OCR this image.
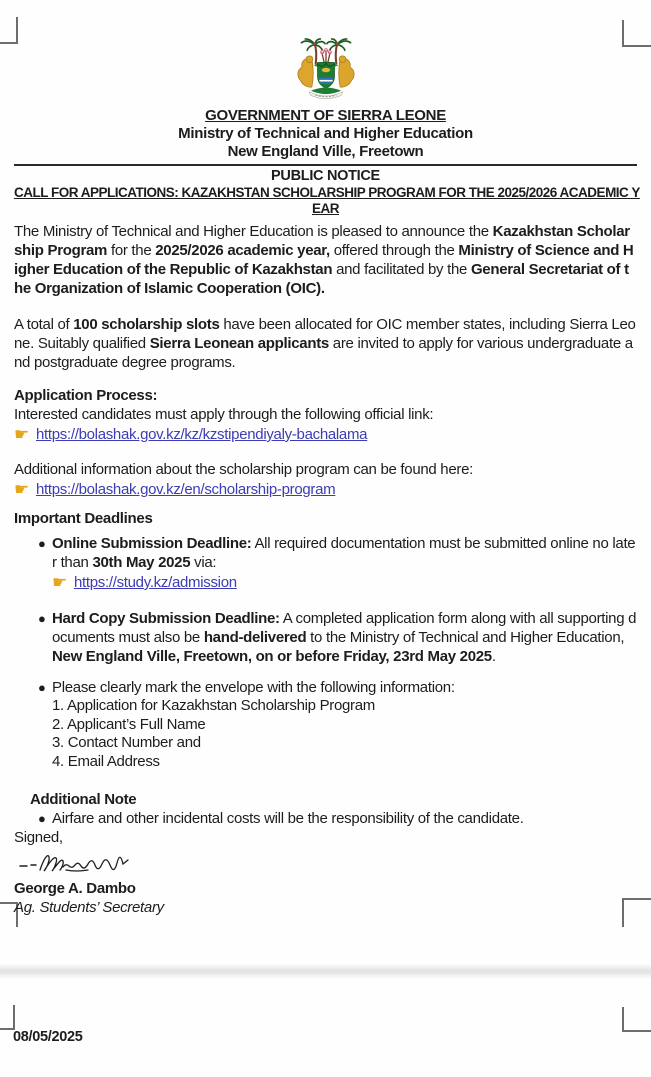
08/05/2025
GOVERNMENT OF SIERRA LEONE
Ministry of Technical and Higher Education
New England Ville, Freetown
PUBLIC NOTICE
CALL FOR APPLICATIONS: KAZAKHSTAN SCHOLARSHIP PROGRAM FOR THE 2025/2026 ACADEMIC Y
EAR

The Ministry of Technical and Higher Education is pleased to announce the Kazakhstan Scholarship Program for the 2025/2026 academic year, offered through the Ministry of Science and Higher Education of the Republic of Kazakhstan and facilitated by the General Secretariat of the Organization of Islamic Cooperation (OIC).

A total of 100 scholarship slots have been allocated for OIC member states, including Sierra Leone. Suitably qualified Sierra Leonean applicants are invited to apply for various undergraduate and postgraduate degree programs.

Application Process:
Interested candidates must apply through the following official link:
☛ https://bolashak.gov.kz/kz/kzstipendiyaly-bachalama
Additional information about the scholarship program can be found here:
☛ https://bolashak.gov.kz/en/scholarship-program
Important Deadlines
● Online Submission Deadline: All required documentation must be submitted online no later than 30th May 2025 via:
☛ https://study.kz/admission
● Hard Copy Submission Deadline: A completed application form along with all supporting documents must also be hand-delivered to the Ministry of Technical and Higher Education, New England Ville, Freetown, on or before Friday, 23rd May 2025.
● Please clearly mark the envelope with the following information:
1. Application for Kazakhstan Scholarship Program
2. Applicant’s Full Name
3. Contact Number and
4. Email Address
Additional Note
● Airfare and other incidental costs will be the responsibility of the candidate.
Signed,
George A. Dambo
Ag. Students’ Secretary
